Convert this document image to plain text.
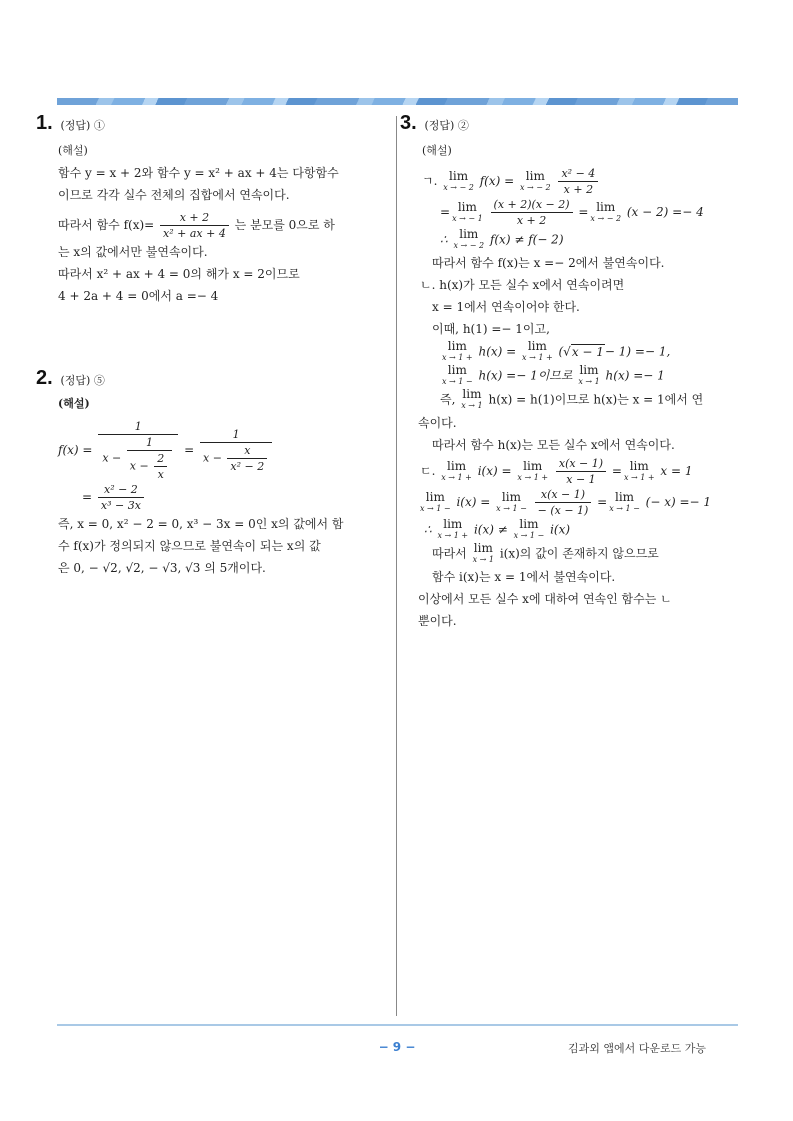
1. (정답) ①
(해설)
함수 y = x + 2와 함수 y = x² + ax + 4는 다항함수
이므로 각각 실수 전체의 집합에서 연속이다.
따라서 함수 $f(x)= \frac{x + 2}{\text{x² + ax + 4}}$ 는 분모를 0으로 하
는 x의 값에서만 불연속이다.
따라서 x² + ax + 4 = 0의 해가 x = 2이므로
4 + 2a + 4 = 0에서 a =− 4
2. (정답) ⑤
(해설)
f(x) =
1
$x - \frac{1}{x - \frac{2}{x}} = \frac{1}{x - \frac{x}{\text{x² − 2}}}$
= $\frac{\text{x² − 2}}{\text{x³ − 3x}}$
즉, x = 0, x² − 2 = 0, x³ − 3x = 0인 x의 값에서 함
수 f(x)가 정의되지 않으므로 불연속이 되는 x의 값
은 0, − √2, √2, − √3, √3 의 5개이다.
3. (정답) ②
(해설)
ㄱ. lim
x → − 2 f(x) = lim
x → − 2
$\frac{\text{x² − 4}}{x + 2}$
= lim
x → − 1
$\frac{(x + 2)(x - 2)}{x + 2} = \lim$
x → − 2 (x − 2) =− 4
∴ lim
x → − 2 f(x) ≠ f(− 2)
따라서 함수 f(x)는 x =− 2에서 불연속이다.
ㄴ. h(x)가 모든 실수 x에서 연속이려면
x = 1에서 연속이어야 한다.
이때, h(1) =− 1이고,
lim
x → 1 + h(x) = lim
x → 1 + (√x − 1− 1) =− 1,
lim
x → 1 − h(x) =− 1이므로 lim
x → 1 h(x) =− 1
즉, lim
x → 1 h(x) = h(1)이므로 h(x)는 x = 1에서 연
속이다.
따라서 함수 h(x)는 모든 실수 x에서 연속이다.
ㄷ. lim
x → 1 + i(x) = lim
x → 1 +
$\frac{x(x - 1)}{x - 1} = \lim$
x → 1 + x = 1
lim
x → 1 − i(x) = lim
x → 1 −
$\frac{x(x - 1)}{- (x - 1)} = \lim$
x → 1 − (− x) =− 1
∴ lim
x → 1 + i(x) ≠ lim
x → 1 − i(x)
따라서 lim
x → 1 i(x)의 값이 존재하지 않으므로
함수 i(x)는 x = 1에서 불연속이다.
이상에서 모든 실수 x에 대하여 연속인 함수는 ㄴ
뿐이다.
− 9 −	김과외 앱에서 다운로드 가능
